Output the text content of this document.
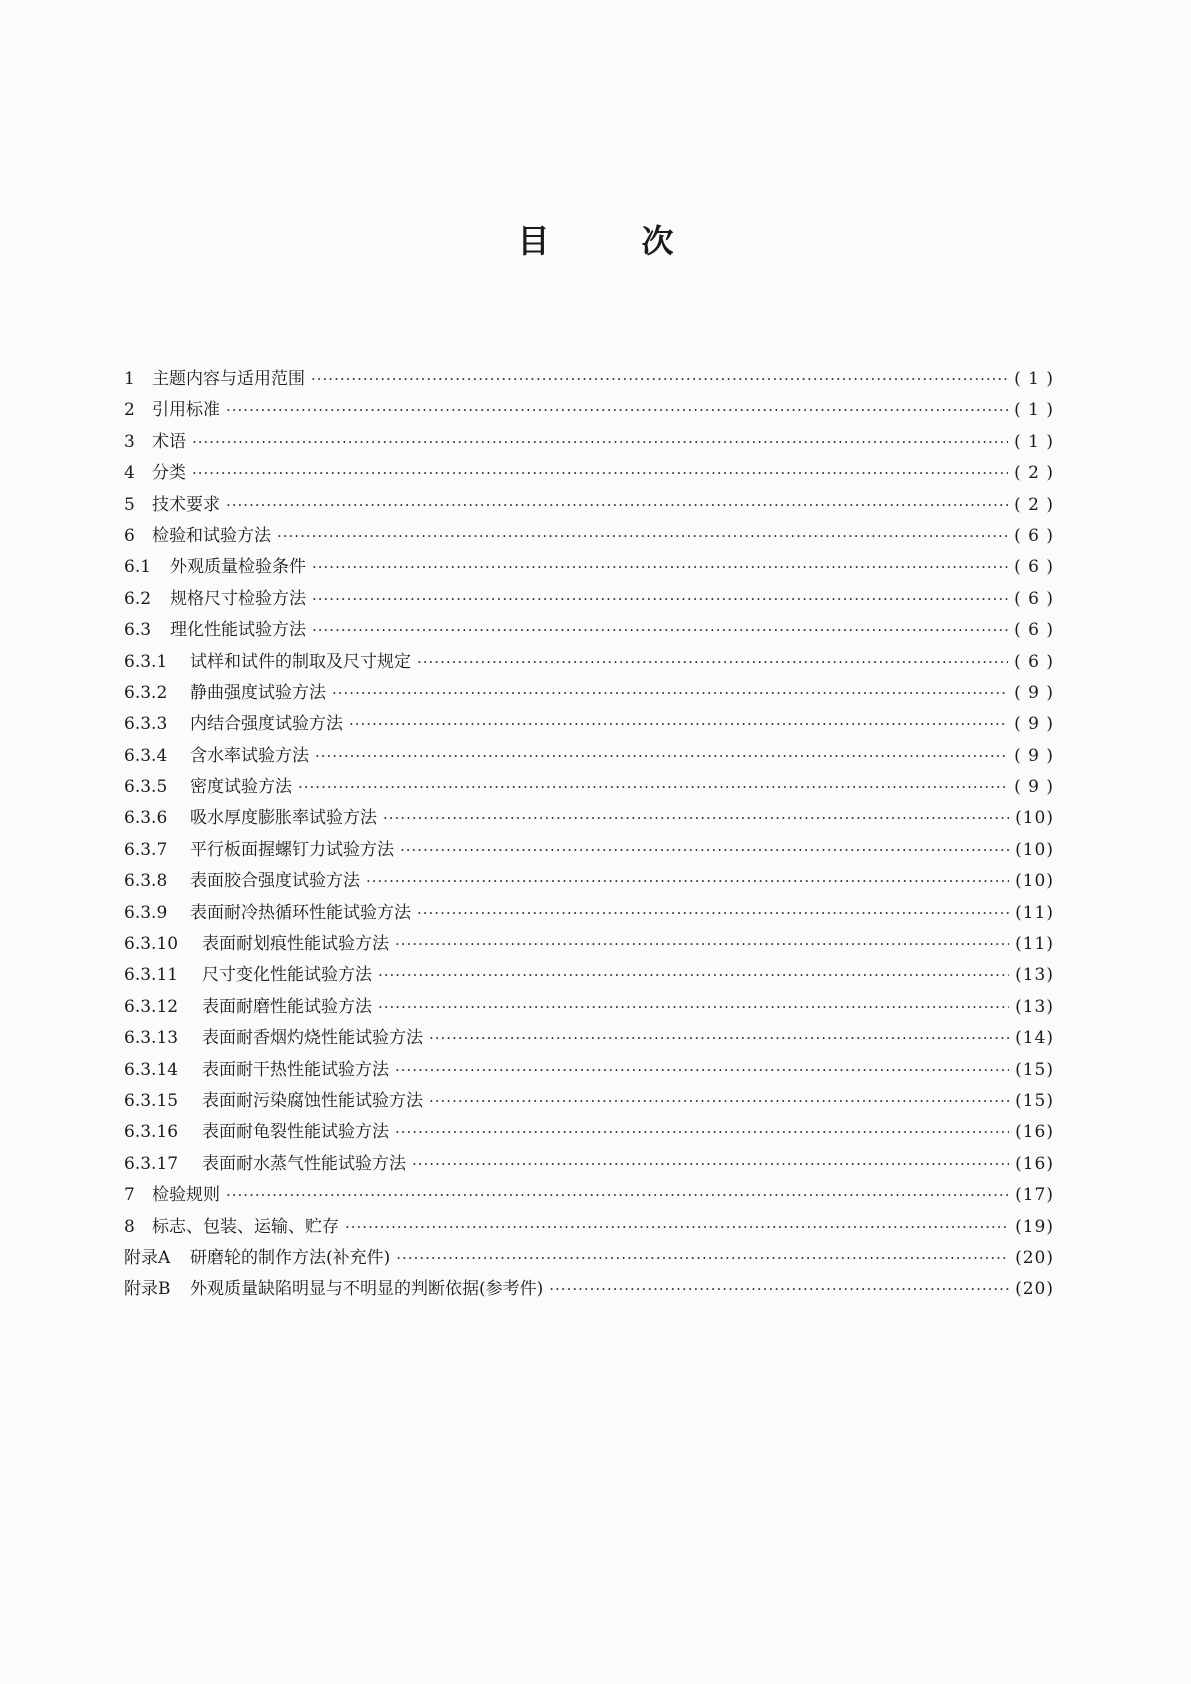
目	次
1	主题内容与适用范围 ·····	( 1 )
2	引用标准 ·····	( 1 )
3	术语 ·····	( 1 )
4	分类 ·····	( 2 )
5	技术要求 ·····	( 2 )
6	检验和试验方法 ·····	( 6 )
6.1	外观质量检验条件 ·····	( 6 )
6.2	规格尺寸检验方法 ·····	( 6 )
6.3	理化性能试验方法 ·····	( 6 )
6.3.1	试样和试件的制取及尺寸规定 ·····	( 6 )
6.3.2	静曲强度试验方法 ·····	( 9 )
6.3.3	内结合强度试验方法 ·····	( 9 )
6.3.4	含水率试验方法 ·····	( 9 )
6.3.5	密度试验方法 ·····	( 9 )
6.3.6	吸水厚度膨胀率试验方法 ·····	(10)
6.3.7	平行板面握螺钉力试验方法 ·····	(10)
6.3.8	表面胶合强度试验方法 ·····	(10)
6.3.9	表面耐冷热循环性能试验方法 ·····	(11)
6.3.10	表面耐划痕性能试验方法 ·····	(11)
6.3.11	尺寸变化性能试验方法 ·····	(13)
6.3.12	表面耐磨性能试验方法 ·····	(13)
6.3.13	表面耐香烟灼烧性能试验方法 ·····	(14)
6.3.14	表面耐干热性能试验方法 ·····	(15)
6.3.15	表面耐污染腐蚀性能试验方法 ·····	(15)
6.3.16	表面耐龟裂性能试验方法 ·····	(16)
6.3.17	表面耐水蒸气性能试验方法 ·····	(16)
7	检验规则 ·····	(17)
8	标志、包装、运输、贮存 ·····	(19)
附录A	研磨轮的制作方法(补充件) ·····	(20)
附录B	外观质量缺陷明显与不明显的判断依据(参考件) ·····	(20)
